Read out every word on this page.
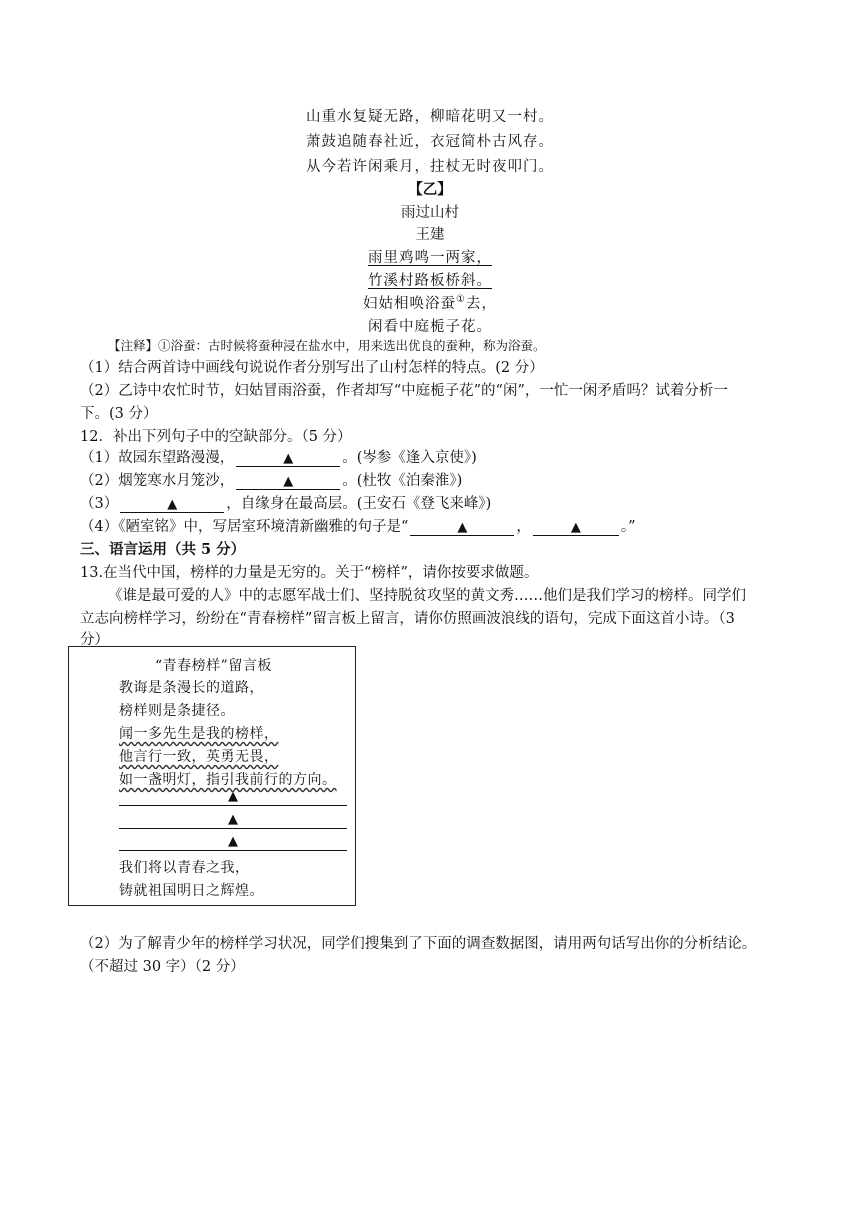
山重水复疑无路，柳暗花明又一村。
萧鼓追随春社近，衣冠简朴古风存。
从今若许闲乘月，拄杖无时夜叩门。
【乙】
雨过山村
王建
雨里鸡鸣一两家，
竹溪村路板桥斜。
妇姑相唤浴蚕①去，
闲看中庭栀子花。
【注释】①浴蚕：古时候将蚕种浸在盐水中，用来选出优良的蚕种，称为浴蚕。
（1）结合两首诗中画线句说说作者分别写出了山村怎样的特点。(2 分）
（2）乙诗中农忙时节，妇姑冒雨浴蚕，作者却写“中庭栀子花”的“闲”，一忙一闲矛盾吗？试着分析一
下。(3 分）
12．补出下列句子中的空缺部分。（5 分）
（1）故园东望路漫漫，	▲	。(岑参《逢入京使》)
（2）烟笼寒水月笼沙，	▲	。(杜牧《泊秦淮》)
（3）	▲	，自缘身在最高层。(王安石《登飞来峰》)
（4）《陋室铭》中，写居室环境清新幽雅的句子是“	▲	，	▲	。”
三、语言运用（共 5 分）
13.在当代中国，榜样的力量是无穷的。关于“榜样”，请你按要求做题。
《谁是最可爱的人》中的志愿军战士们、坚持脱贫攻坚的黄文秀……他们是我们学习的榜样。同学们
立志向榜样学习，纷纷在“青春榜样”留言板上留言，请你仿照画波浪线的语句，完成下面这首小诗。（3
分）
“青春榜样”留言板
教诲是条漫长的道路，
榜样则是条捷径。
闻一多先生是我的榜样，
他言行一致，英勇无畏，
如一盏明灯，指引我前行的方向。
▲
▲
▲
我们将以青春之我，
铸就祖国明日之辉煌。
（2）为了解青少年的榜样学习状况，同学们搜集到了下面的调查数据图，请用两句话写出你的分析结论。
（不超过 30 字）（2 分）
